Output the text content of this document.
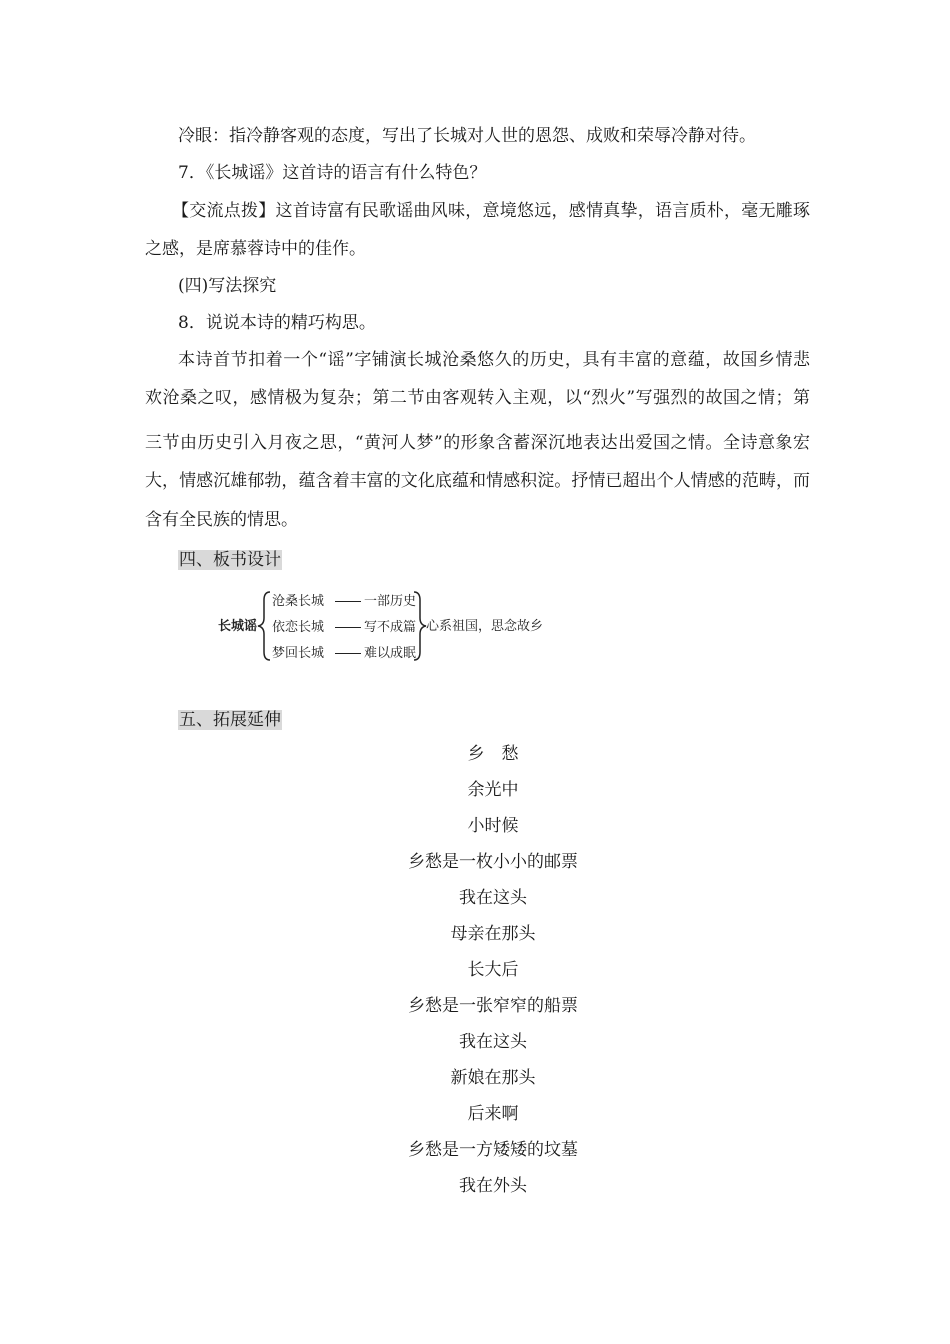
冷眼：指冷静客观的态度，写出了长城对人世的恩怨、成败和荣辱冷静对待。
7．《长城谣》这首诗的语言有什么特色？
【交流点拨】这首诗富有民歌谣曲风味，意境悠远，感情真挚，语言质朴，毫无雕琢
之感，是席慕蓉诗中的佳作。
(四)写法探究
8．说说本诗的精巧构思。
本诗首节扣着一个“谣”字铺演长城沧桑悠久的历史，具有丰富的意蕴，故国乡情悲
欢沧桑之叹，感情极为复杂；第二节由客观转入主观，以“烈火”写强烈的故国之情；第
三节由历史引入月夜之思，“黄河人梦”的形象含蓄深沉地表达出爱国之情。全诗意象宏
大，情感沉雄郁勃，蕴含着丰富的文化底蕴和情感积淀。抒情已超出个人情感的范畴，而
含有全民族的情思。
四、板书设计
长城谣
沧桑长城	一部历史
依恋长城	写不成篇
梦回长城	难以成眠
心系祖国，思念故乡
五、拓展延伸
乡　愁
余光中
小时候
乡愁是一枚小小的邮票
我在这头
母亲在那头
长大后
乡愁是一张窄窄的船票
我在这头
新娘在那头
后来啊
乡愁是一方矮矮的坟墓
我在外头
